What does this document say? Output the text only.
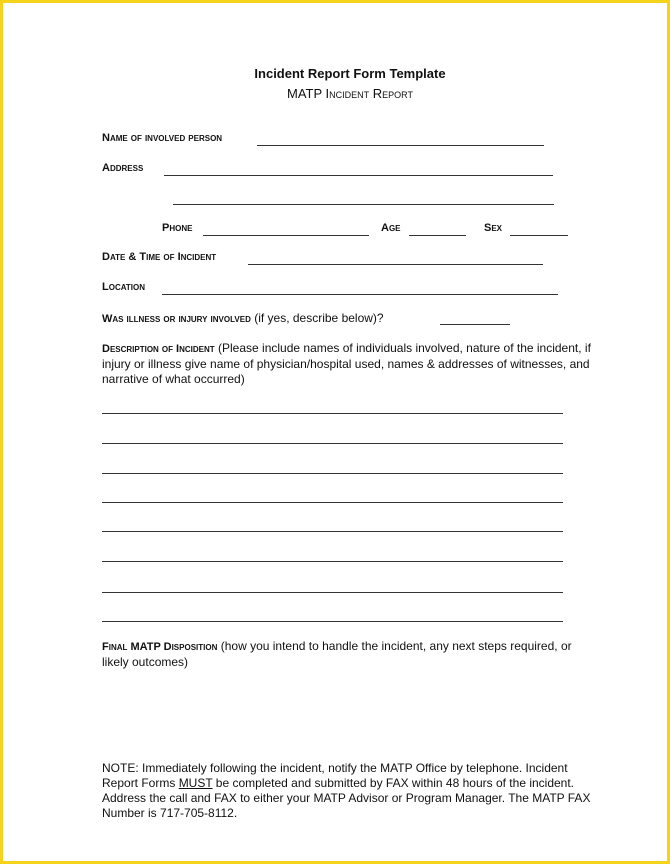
Incident Report Form Template
MATP Incident Report
Name of involved person
Address
Phone	Age	Sex
Date & Time of Incident
Location
Was illness or injury involved (if yes, describe below)?
Description of Incident (Please include names of individuals involved, nature of the incident, if injury or illness give name of physician/hospital used, names & addresses of witnesses, and narrative of what occurred)
Final MATP Disposition (how you intend to handle the incident, any next steps required, or likely outcomes)
NOTE: Immediately following the incident, notify the MATP Office by telephone. Incident Report Forms MUST be completed and submitted by FAX within 48 hours of the incident. Address the call and FAX to either your MATP Advisor or Program Manager. The MATP FAX Number is 717-705-8112.
